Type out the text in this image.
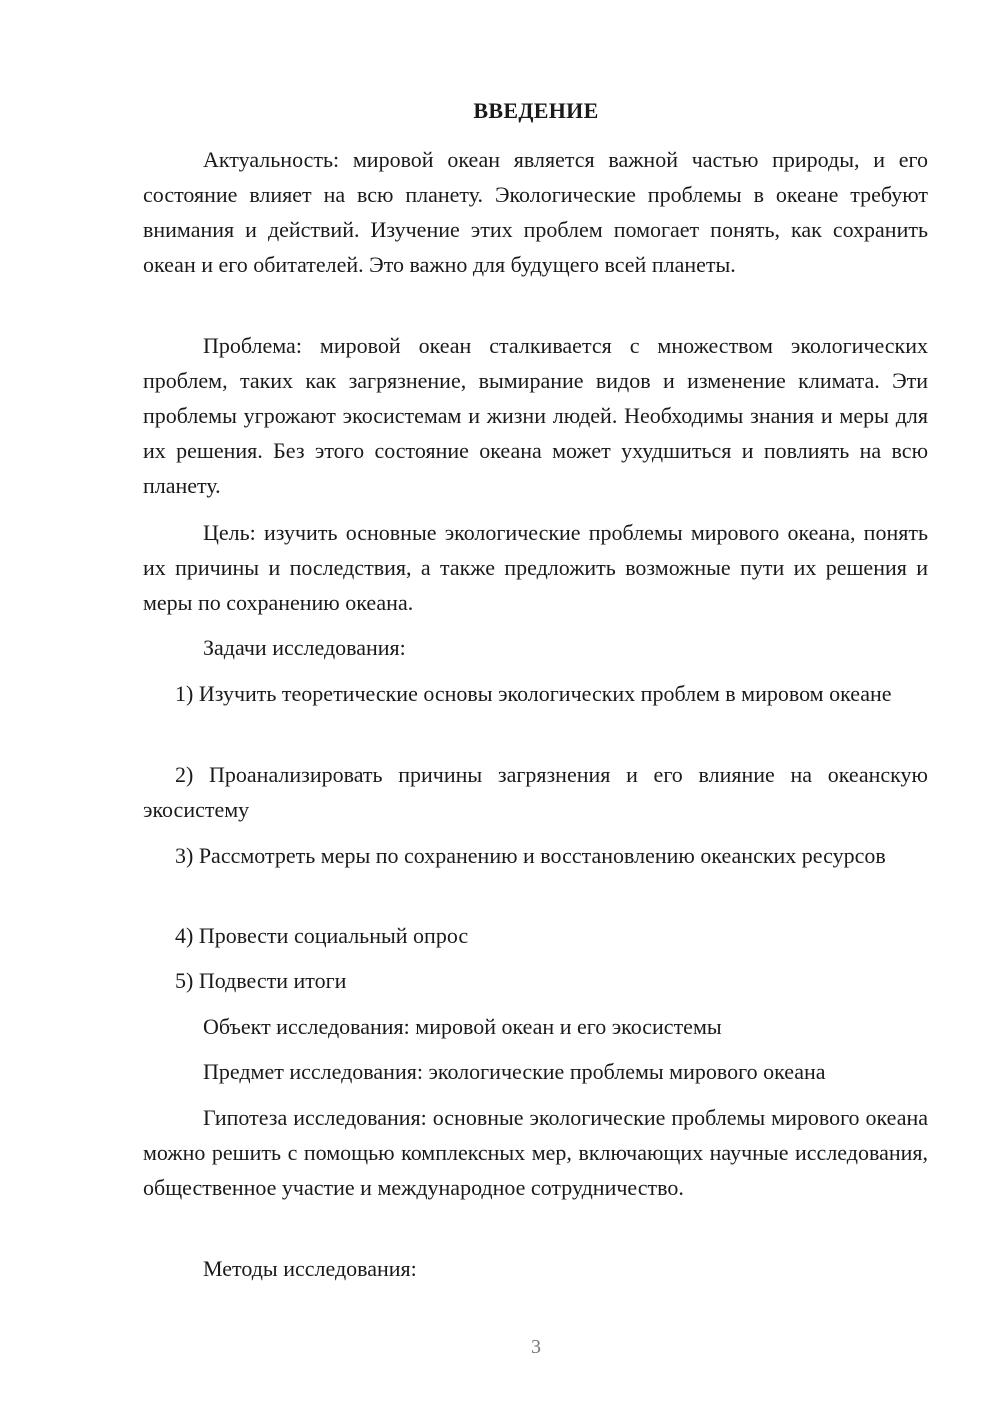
ВВЕДЕНИЕ

Актуальность: мировой океан является важной частью природы, и его состояние влияет на всю планету. Экологические проблемы в океане требуют внимания и действий. Изучение этих проблем помогает понять, как сохранить океан и его обитателей. Это важно для будущего всей планеты.

Проблема: мировой океан сталкивается с множеством экологических проблем, таких как загрязнение, вымирание видов и изменение климата. Эти проблемы угрожают экосистемам и жизни людей. Необходимы знания и меры для их решения. Без этого состояние океана может ухудшиться и повлиять на всю планету.

Цель: изучить основные экологические проблемы мирового океана, понять их причины и последствия, а также предложить возможные пути их решения и меры по сохранению океана.

Задачи исследования:

1) Изучить теоретические основы экологических проблем в мировом океане

2) Проанализировать причины загрязнения и его влияние на океанскую экосистему

3) Рассмотреть меры по сохранению и восстановлению океанских ресурсов

4) Провести социальный опрос

5) Подвести итоги

Объект исследования: мировой океан и его экосистемы

Предмет исследования: экологические проблемы мирового океана

Гипотеза исследования: основные экологические проблемы мирового океана можно решить с помощью комплексных мер, включающих научные исследования, общественное участие и международное сотрудничество.

Методы исследования:

3
